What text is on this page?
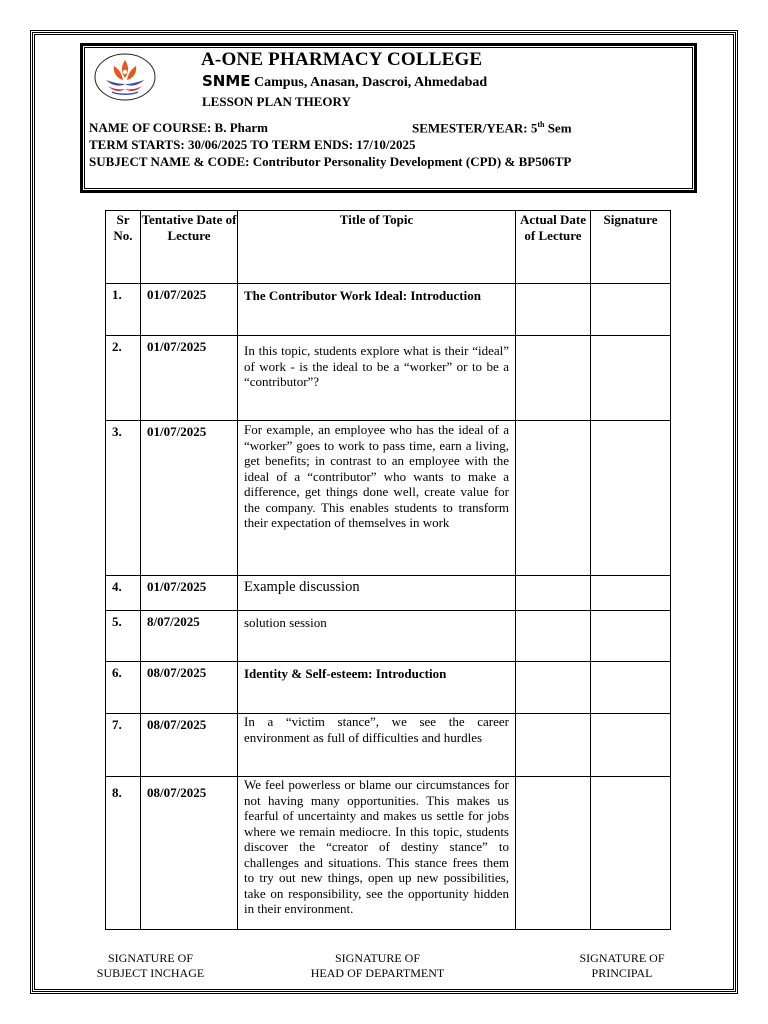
A-ONE PHARMACY COLLEGE
SNME Campus, Anasan, Dascroi, Ahmedabad
LESSON PLAN THEORY
NAME OF COURSE: B. Pharm	SEMESTER/YEAR: 5th Sem
TERM STARTS: 30/06/2025 TO TERM ENDS: 17/10/2025
SUBJECT NAME & CODE: Contributor Personality Development (CPD) & BP506TP
Sr No.	Tentative Date of Lecture	Title of Topic	Actual Date of Lecture	Signature
1.	01/07/2025	The Contributor Work Ideal: Introduction		
2.	01/07/2025	In this topic, students explore what is their “ideal” of work - is the ideal to be a “worker” or to be a “contributor”?		
3.	01/07/2025	For example, an employee who has the ideal of a “worker” goes to work to pass time, earn a living, get benefits; in contrast to an employee with the ideal of a “contributor” who wants to make a difference, get things done well, create value for the company. This enables students to transform their expectation of themselves in work		
4.	01/07/2025	Example discussion		
5.	8/07/2025	solution session		
6.	08/07/2025	Identity & Self-esteem: Introduction		
7.	08/07/2025	In a “victim stance”, we see the career environment as full of difficulties and hurdles		
8.	08/07/2025	We feel powerless or blame our circumstances for not having many opportunities. This makes us fearful of uncertainty and makes us settle for jobs where we remain mediocre. In this topic, students discover the “creator of destiny stance” to challenges and situations. This stance frees them to try out new things, open up new possibilities, take on responsibility, see the opportunity hidden in their environment.		
SIGNATURE OF
SUBJECT INCHAGE
SIGNATURE OF
HEAD OF DEPARTMENT
SIGNATURE OF
PRINCIPAL
